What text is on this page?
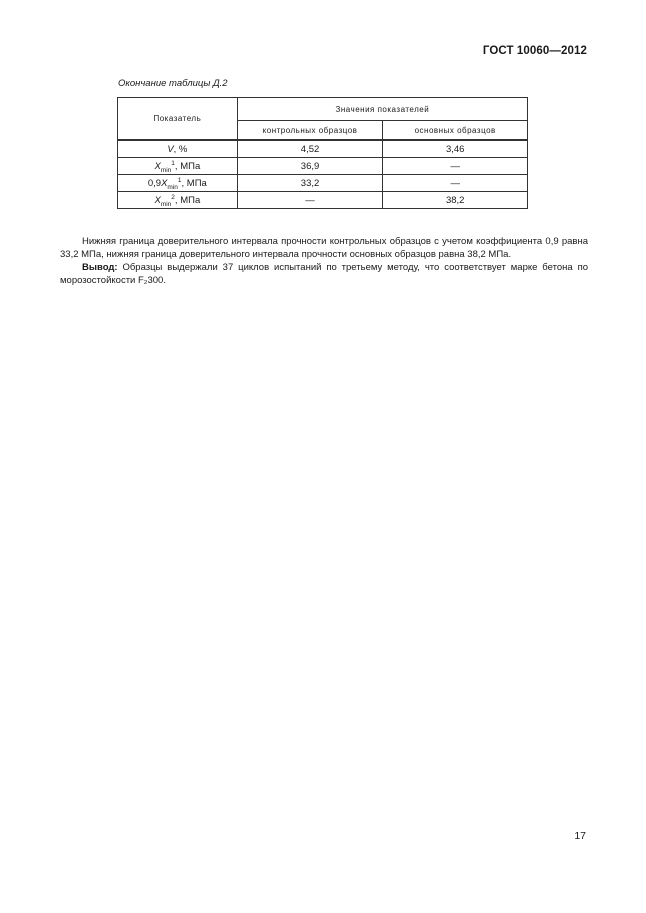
ГОСТ 10060—2012
Окончание таблицы Д.2
Показатель	Значения показателей	
	контрольных образцов	основных образцов
V, %	4,52	3,46
$X_{min}^1$, МПа	36,9	—
$0,9X_{min}^1$, МПа	33,2	—
$X_{min}^2$, МПа	—	38,2

Нижняя граница доверительного интервала прочности контрольных образцов с учетом коэффициента 0,9 равна 33,2 МПа, нижняя граница доверительного интервала прочности основных образцов равна 38,2 МПа.

Вывод: Образцы выдержали 37 циклов испытаний по третьему методу, что соответствует марке бетона по морозостойкости F₂300.

17
